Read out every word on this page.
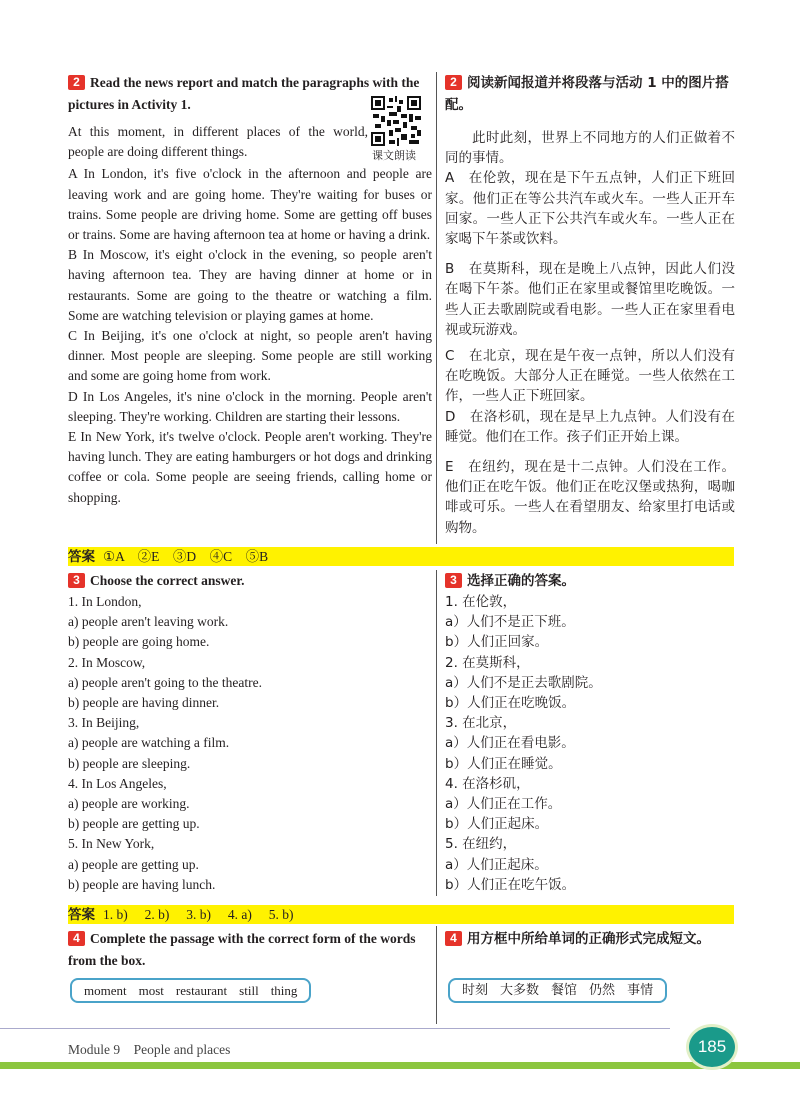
2 Read the news report and match the paragraphs with the pictures in Activity 1.

At this moment, in different places of the world, people are doing different things.

A In London, it's five o'clock in the afternoon and people are leaving work and are going home. They're waiting for buses or trains. Some people are driving home. Some are getting off buses or trains. Some are having afternoon tea at home or having a drink.

B In Moscow, it's eight o'clock in the evening, so people aren't having afternoon tea. They are having dinner at home or in restaurants. Some are going to the theatre or watching a film. Some are watching television or playing games at home.

C In Beijing, it's one o'clock at night, so people aren't having dinner. Most people are sleeping. Some people are still working and some are going home from work.

D In Los Angeles, it's nine o'clock in the morning. People aren't sleeping. They're working. Children are starting their lessons.

E In New York, it's twelve o'clock. People aren't working. They're having lunch. They are eating hamburgers or hot dogs and drinking coffee or cola. Some people are seeing friends, calling home or shopping.

课文朗读
2 阅读新闻报道并将段落与活动 1 中的图片搭配。

此时此刻，世界上不同地方的人们正做着不同的事情。

A　在伦敦，现在是下午五点钟，人们正下班回家。他们正在等公共汽车或火车。一些人正开车回家。一些人正下公共汽车或火车。一些人正在家喝下午茶或饮料。

B　在莫斯科，现在是晚上八点钟，因此人们没在喝下午茶。他们正在家里或餐馆里吃晚饭。一些人正去歌剧院或看电影。一些人正在家里看电视或玩游戏。

C　在北京，现在是午夜一点钟，所以人们没有在吃晚饭。大部分人正在睡觉。一些人依然在工作，一些人正下班回家。

D　在洛杉矶，现在是早上九点钟。人们没有在睡觉。他们在工作。孩子们正开始上课。

E　在纽约，现在是十二点钟。人们没在工作。他们正在吃午饭。他们正在吃汉堡或热狗，喝咖啡或可乐。一些人在看望朋友、给家里打电话或购物。

答案 ①A　②E　③D　④C　⑤B
3 Choose the correct answer.

1. In London,

a) people aren't leaving work.

b) people are going home.

2. In Moscow,

a) people aren't going to the theatre.

b) people are having dinner.

3. In Beijing,

a) people are watching a film.

b) people are sleeping.

4. In Los Angeles,

a) people are working.

b) people are getting up.

5. In New York,

a) people are getting up.

b) people are having lunch.

3 选择正确的答案。

1. 在伦敦，

a）人们不是正下班。

b）人们正回家。

2. 在莫斯科，

a）人们不是正去歌剧院。

b）人们正在吃晚饭。

3. 在北京，

a）人们正在看电影。

b）人们正在睡觉。

4. 在洛杉矶，

a）人们正在工作。

b）人们正起床。

5. 在纽约，

a）人们正起床。

b）人们正在吃午饭。

答案 1. b)　 2. b)　 3. b)　 4. a)　 5. b)
4 Complete the passage with the correct form of the words from the box.
moment most restaurant still thing
4 用方框中所给单词的正确形式完成短文。
时刻 大多数 餐馆 仍然 事情
Module 9　People and places	185
